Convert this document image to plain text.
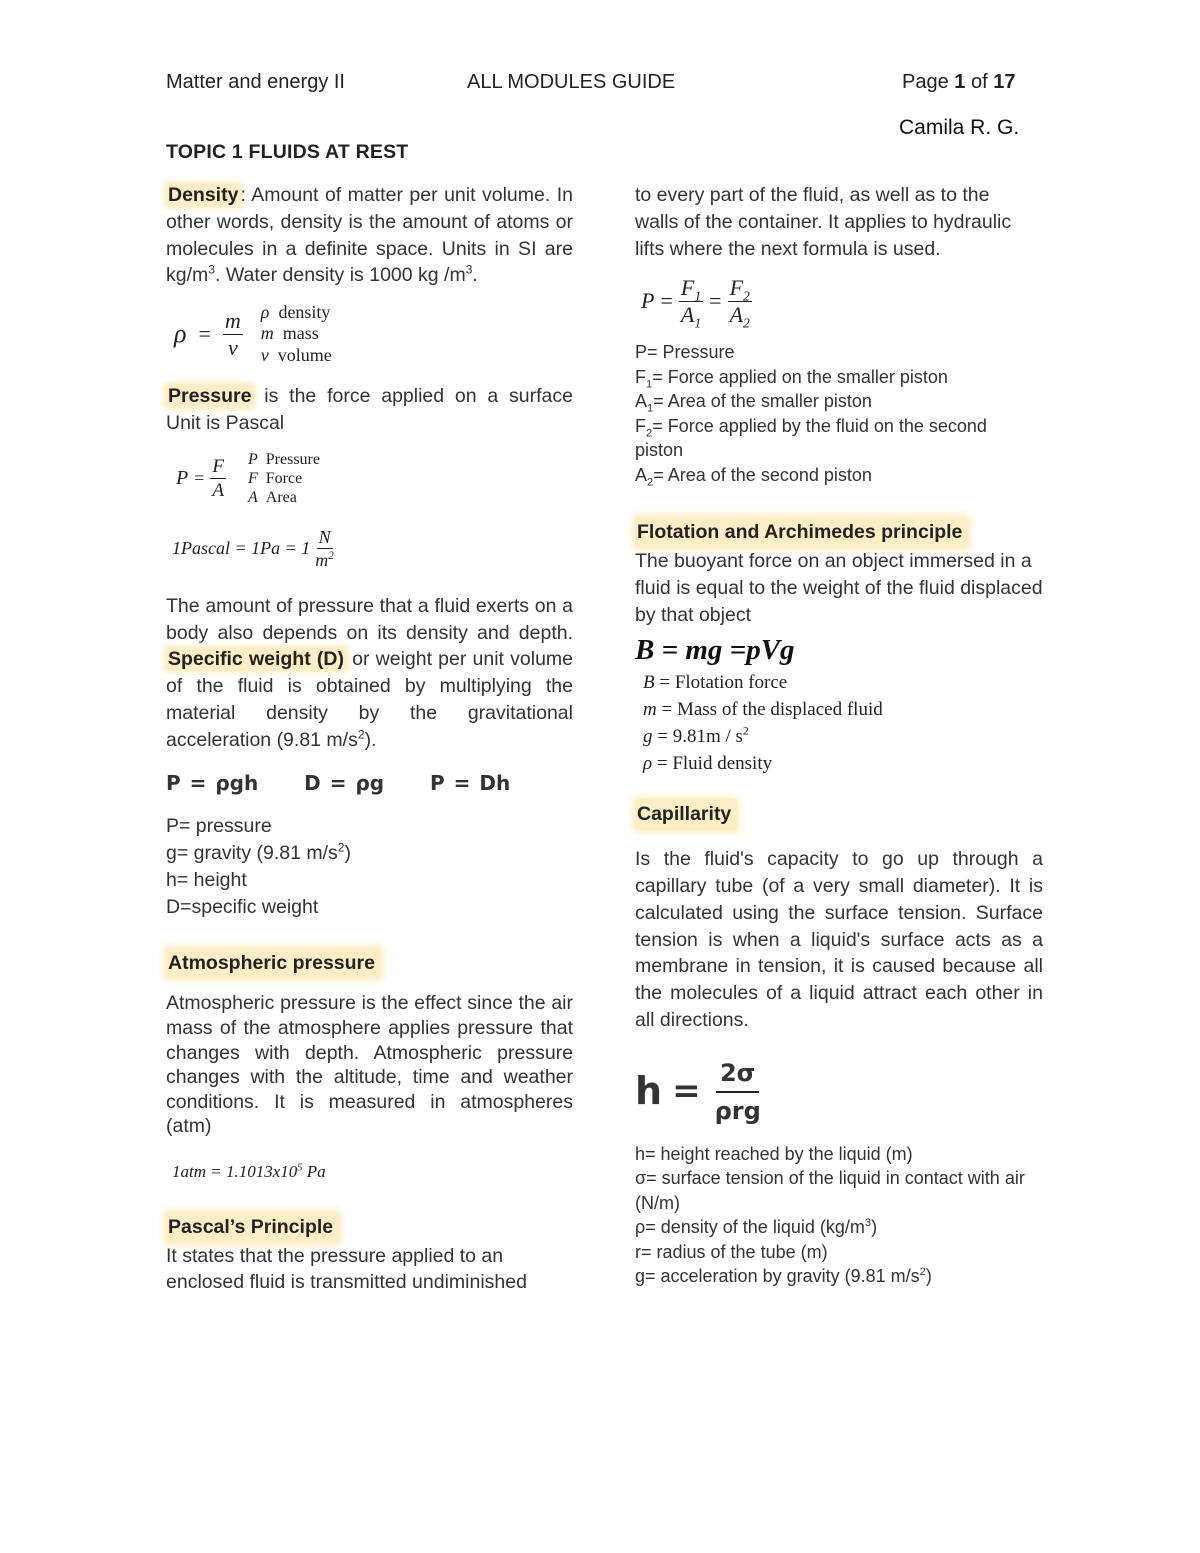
Matter and energy II	ALL MODULES GUIDE	Page 1 of 17
Camila R. G.
TOPIC 1 FLUIDS AT REST

Density : Amount of matter per unit volume. In other words, density is the amount of atoms or molecules in a definite space. Units in SI are $kg/m^3$. Water density is 1000 kg $/m^3$.

$\rho = \frac{m}{v}$ ρ density
m mass
v volume

Pressure is the force applied on a surface Unit is Pascal

$P = \frac{F}{A}$ P Pressure
F Force
A Area
1Pascal = $1Pa = 1 \frac{N}{m^2}$

The amount of pressure that a fluid exerts on a body also depends on its density and depth. Specific weight (D) or weight per unit volume of the fluid is obtained by multiplying the material density by the gravitational acceleration (9.81 $m/s^2$).

P = ρgh D = ρg P = Dh
P= pressure
g= gravity (9.81 $m/s^2$)
h= height
D=specific weight
Atmospheric pressure

Atmospheric pressure is the effect since the air mass of the atmosphere applies pressure that changes with depth. Atmospheric pressure changes with the altitude, time and weather conditions. It is measured in atmospheres (atm)

$1atm = 1.1013x10^5$ Pa
Pascal’s Principle

It states that the pressure applied to an enclosed fluid is transmitted undiminished

to every part of the fluid, as well as to the walls of the container. It applies to hydraulic lifts where the next formula is used.

$P = \frac{F_1}{A_1} = \frac{F_2}{A_2}$
P= Pressure
$F_1=$ Force applied on the smaller piston
$A_1=$ Area of the smaller piston
$F_2=$ Force applied by the fluid on the second piston
$A_2=$ Area of the second piston
Flotation and Archimedes principle

The buoyant force on an object immersed in a fluid is equal to the weight of the fluid displaced by that object

B = mg =pVg
B = Flotation force
m = Mass of the displaced fluid
$g = 9.81m / s^2$
ρ = Fluid density
Capillarity

Is the fluid's capacity to go up through a capillary tube (of a very small diameter). It is calculated using the surface tension. Surface tension is when a liquid's surface acts as a membrane in tension, it is caused because all the molecules of a liquid attract each other in all directions.

$h = \frac{2\sigma}{\text{ρrg}}$
h= height reached by the liquid (m)
σ= surface tension of the liquid in contact with air (N/m)
ρ= density of the liquid $(kg/m^3)$
r= radius of the tube (m)
g= acceleration by gravity (9.81 $m/s^2$)
